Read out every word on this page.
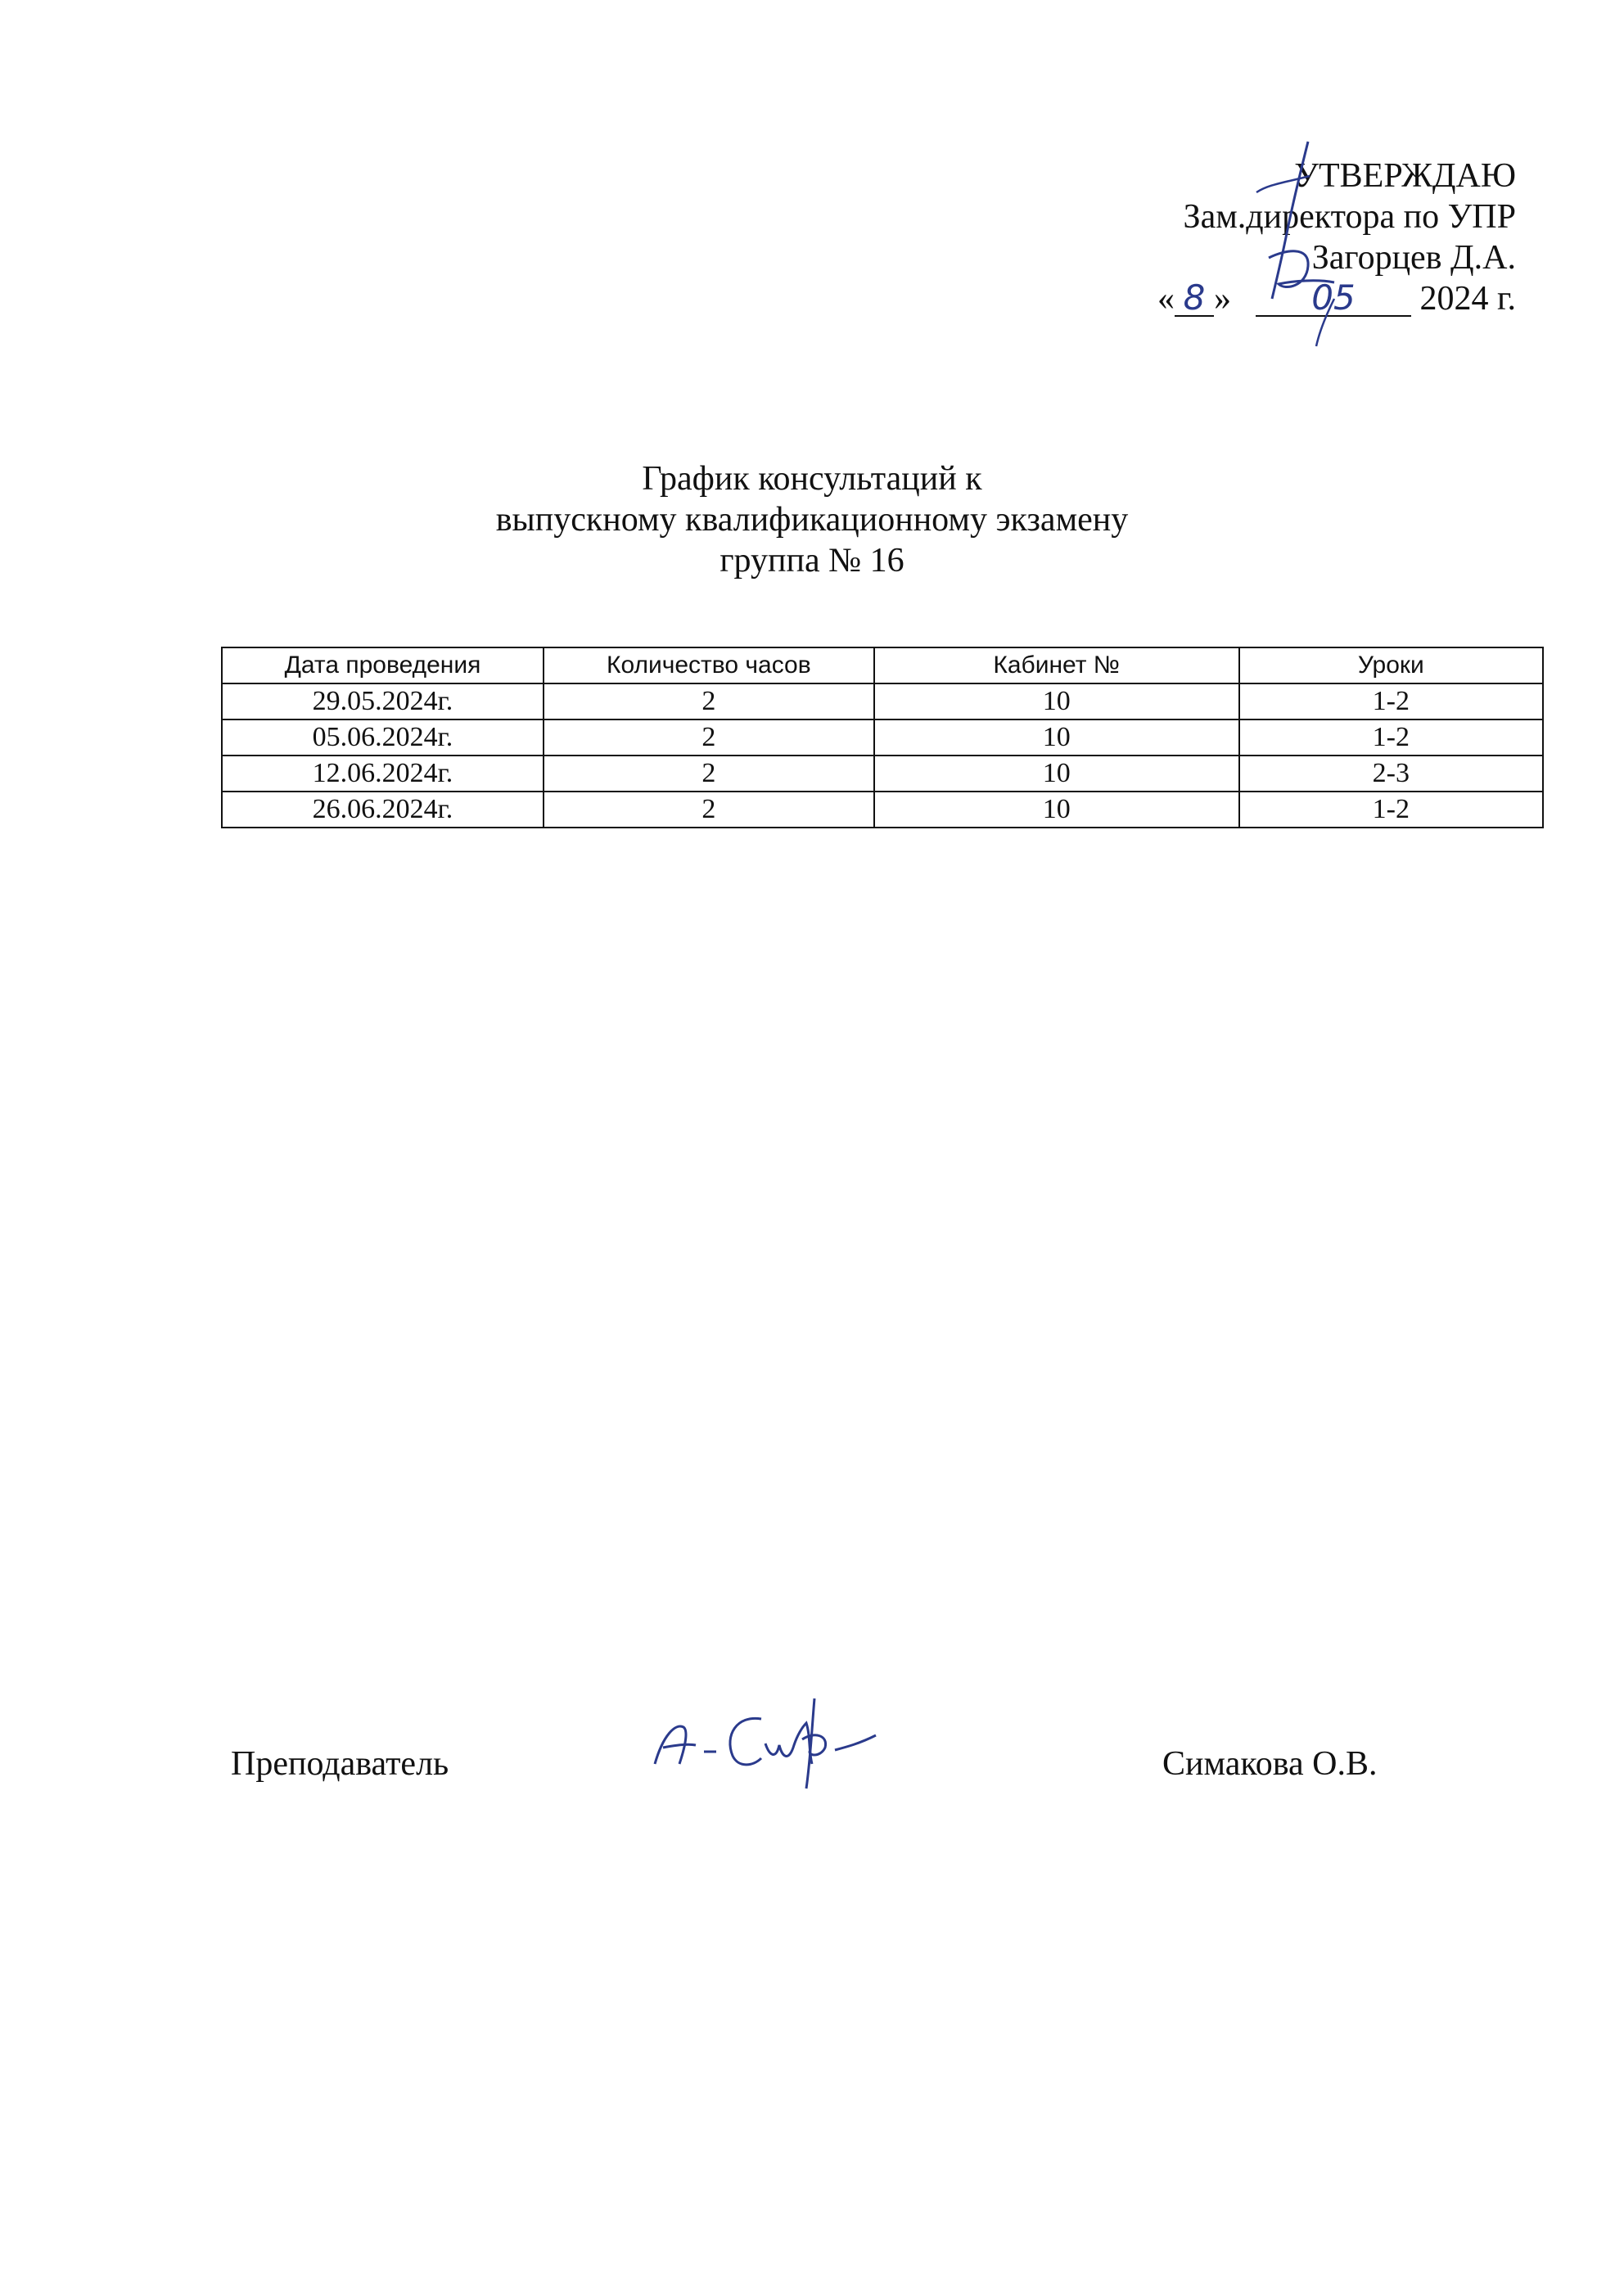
УТВЕРЖДАЮ
Зам.директора по УПР
Загорцев Д.А.
« 8 » 05 2024 г.
График консультаций к
выпускному квалификационному экзамену
группа № 16
Дата проведения	Количество часов	Кабинет №	Уроки
29.05.2024г.	2	10	1-2
05.06.2024г.	2	10	1-2
12.06.2024г.	2	10	2-3
26.06.2024г.	2	10	1-2
Преподаватель	Симакова О.В.
